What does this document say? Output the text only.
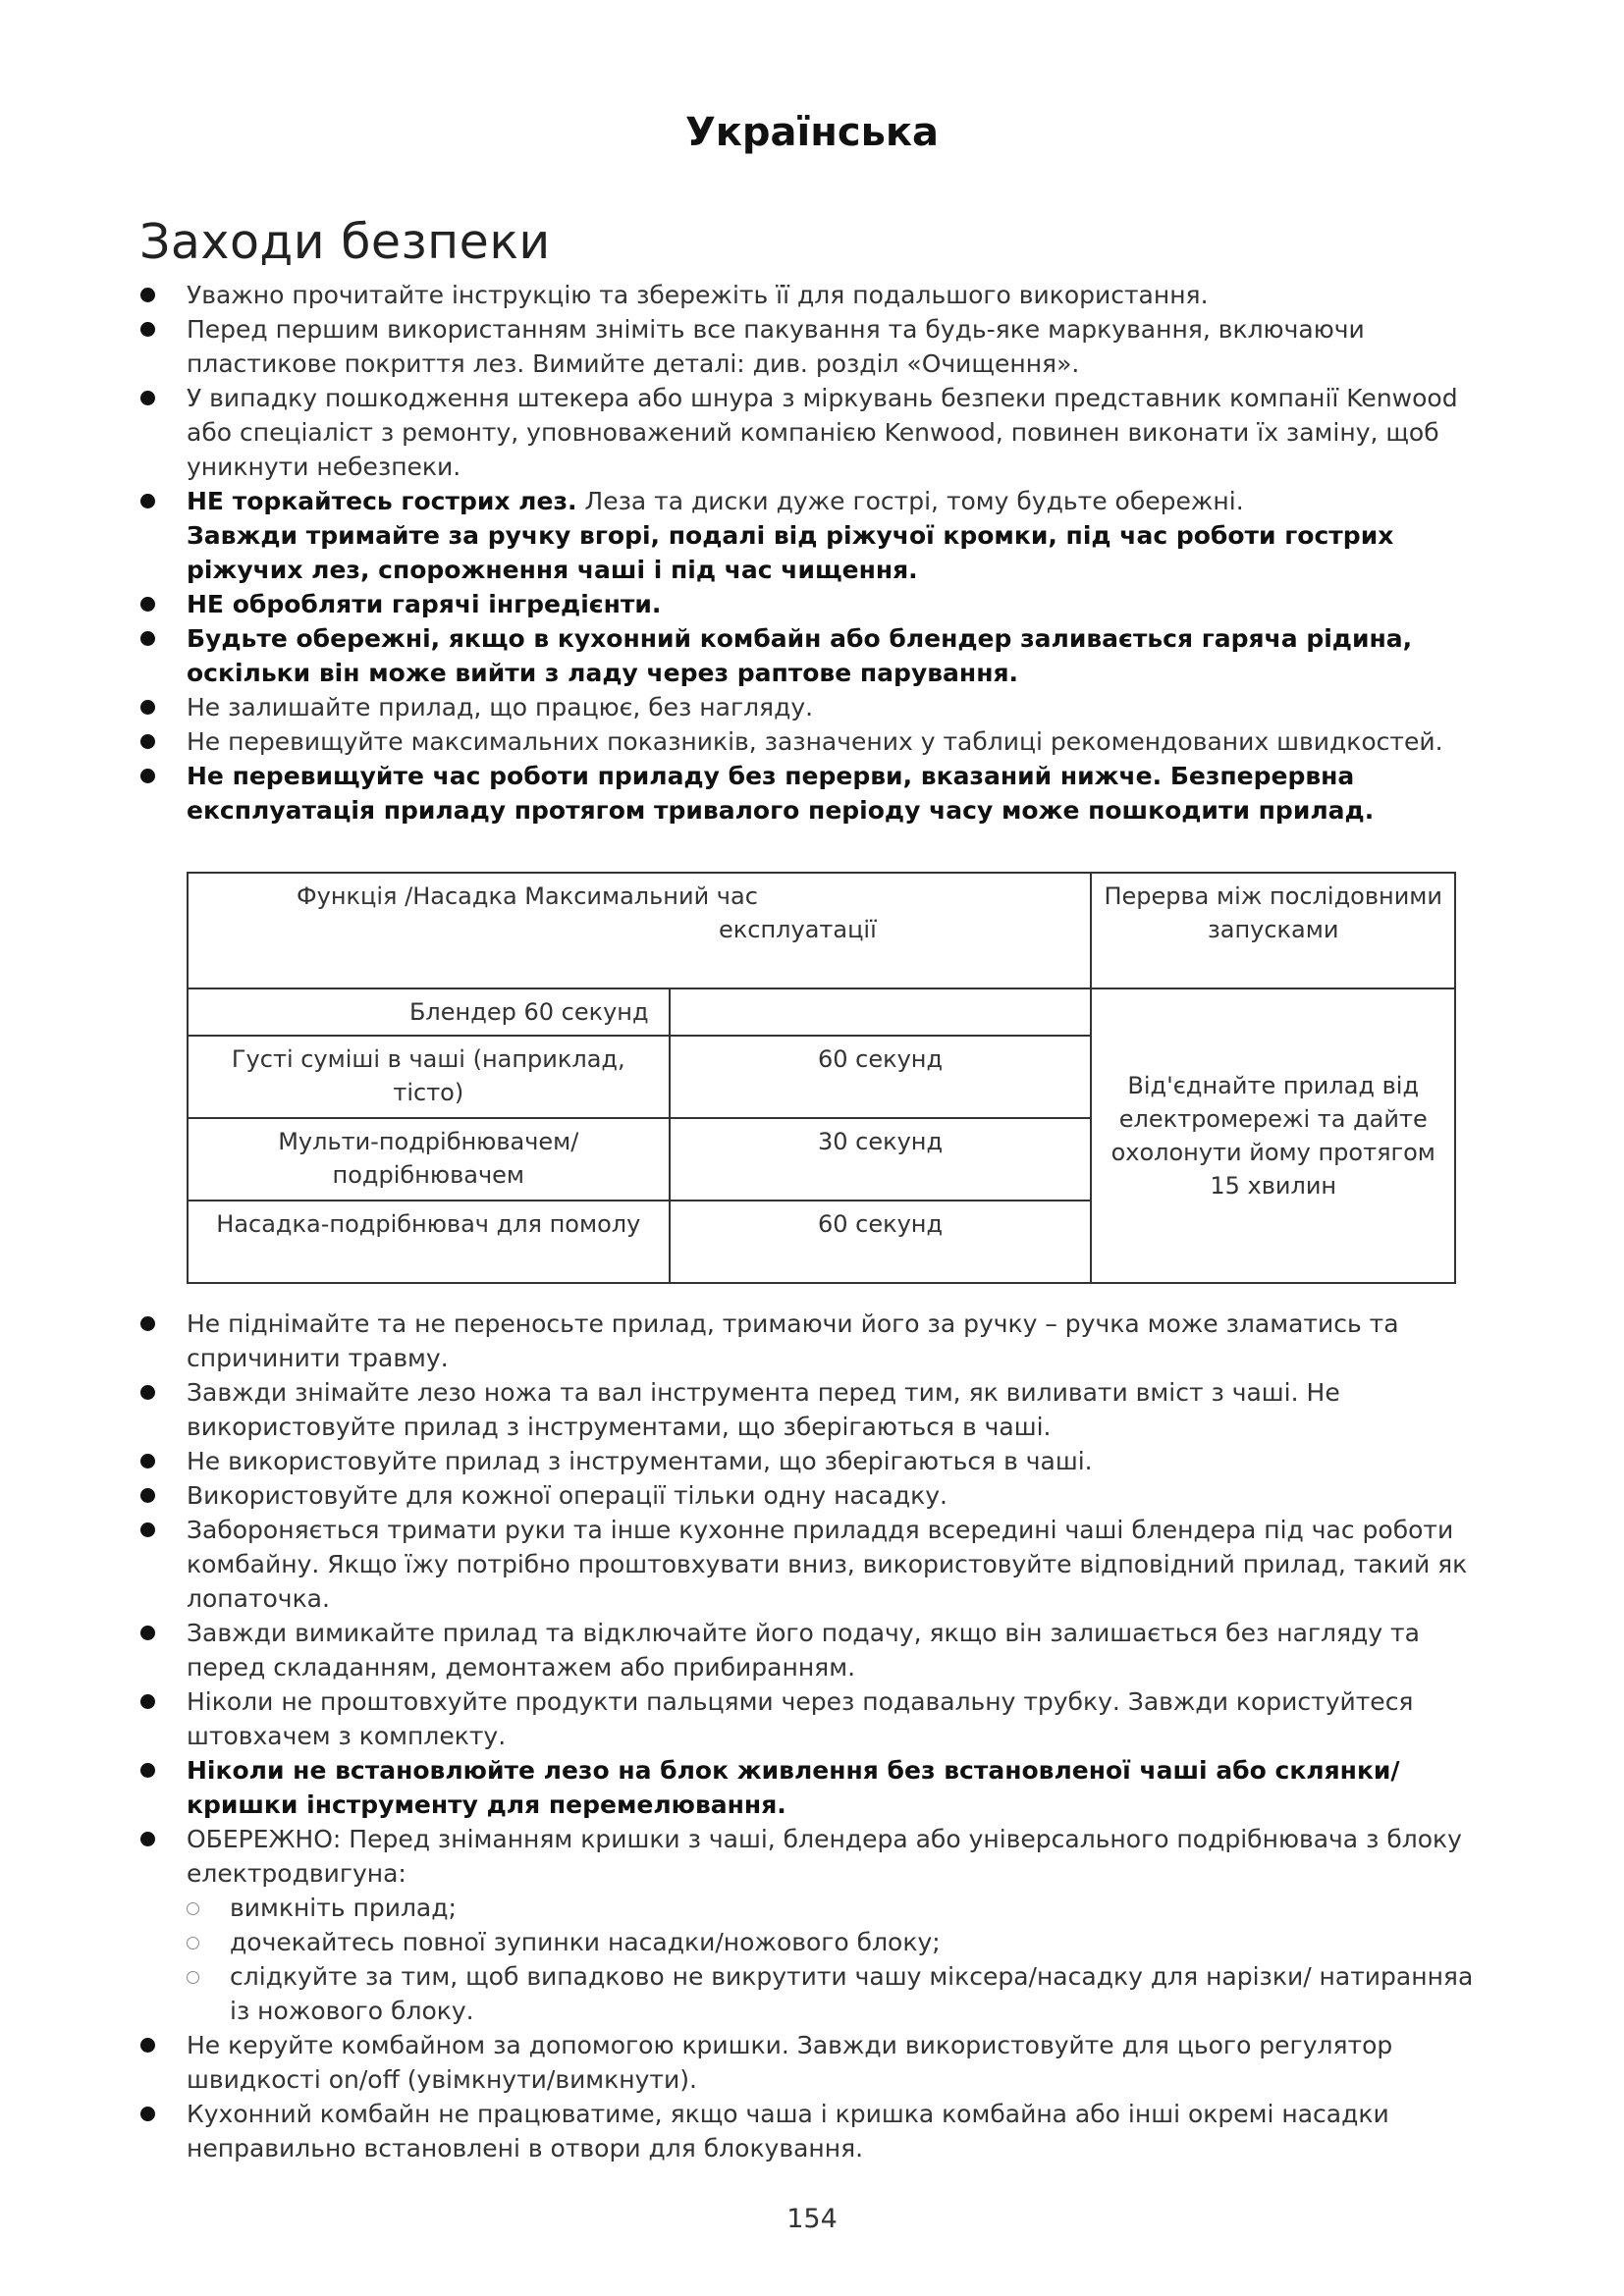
Українська
Заходи безпеки
Уважно прочитайте інструкцію та збережіть її для подальшого використання.
Перед першим використанням зніміть все пакування та будь-яке маркування, включаючи пластикове покриття лез. Вимийте деталі: див. розділ «Очищення».
У випадку пошкодження штекера або шнура з міркувань безпеки представник компанії Kenwood або спеціаліст з ремонту, уповноважений компанією Kenwood, повинен виконати їх заміну, щоб уникнути небезпеки.
НЕ торкайтесь гострих лез. Леза та диски дуже гострі, тому будьте обережні.
Завжди тримайте за ручку вгорі, подалі від ріжучої кромки, під час роботи гострих ріжучих лез, спорожнення чаші і під час чищення.
НЕ обробляти гарячі інгредієнти.
Будьте обережні, якщо в кухонний комбайн або блендер заливається гаряча рідина, оскільки він може вийти з ладу через раптове парування.
Не залишайте прилад, що працює, без нагляду.
Не перевищуйте максимальних показників, зазначених у таблиці рекомендованих швидкостей.
Не перевищуйте час роботи приладу без перерви, вказаний нижче. Безперервна експлуатація приладу протягом тривалого періоду часу може пошкодити прилад.
Функція /Насадка Максимальний час
експлуатації		Перерва між послідовними запусками
Блендер 60 секунд		Від'єднайте прилад від електромережі та дайте охолонути йому протягом 15 хвилин
Густі суміші в чаші (наприклад, тісто)	60 секунд	
Мульти-подрібнювачем/ подрібнювачем	30 секунд	
Насадка-подрібнювач для помолу	60 секунд	
Не піднімайте та не переносьте прилад, тримаючи його за ручку – ручка може зламатись та спричинити травму.
Завжди знімайте лезо ножа та вал інструмента перед тим, як виливати вміст з чаші. Не використовуйте прилад з інструментами, що зберігаються в чаші.
Не використовуйте прилад з інструментами, що зберігаються в чаші.
Використовуйте для кожної операції тільки одну насадку.
Забороняється тримати руки та інше кухонне приладдя всередині чаші блендера під час роботи комбайну. Якщо їжу потрібно проштовхувати вниз, використовуйте відповідний прилад, такий як лопаточка.
Завжди вимикайте прилад та відключайте його подачу, якщо він залишається без нагляду та перед складанням, демонтажем або прибиранням.
Ніколи не проштовхуйте продукти пальцями через подавальну трубку. Завжди користуйтеся штовхачем з комплекту.
Ніколи не встановлюйте лезо на блок живлення без встановленої чаші або склянки/кришки інструменту для перемелювання.
ОБЕРЕЖНО: Перед зніманням кришки з чаші, блендера або універсального подрібнювача з блоку електродвигуна:
вимкніть прилад;
дочекайтесь повної зупинки насадки/ножового блоку;
слідкуйте за тим, щоб випадково не викрутити чашу міксера/насадку для нарізки/ натиранняа із ножового блоку.
Не керуйте комбайном за допомогою кришки. Завжди використовуйте для цього регулятор швидкості on/off (увімкнути/вимкнути).
Кухонний комбайн не працюватиме, якщо чаша і кришка комбайна або інші окремі насадки неправильно встановлені в отвори для блокування.
154
